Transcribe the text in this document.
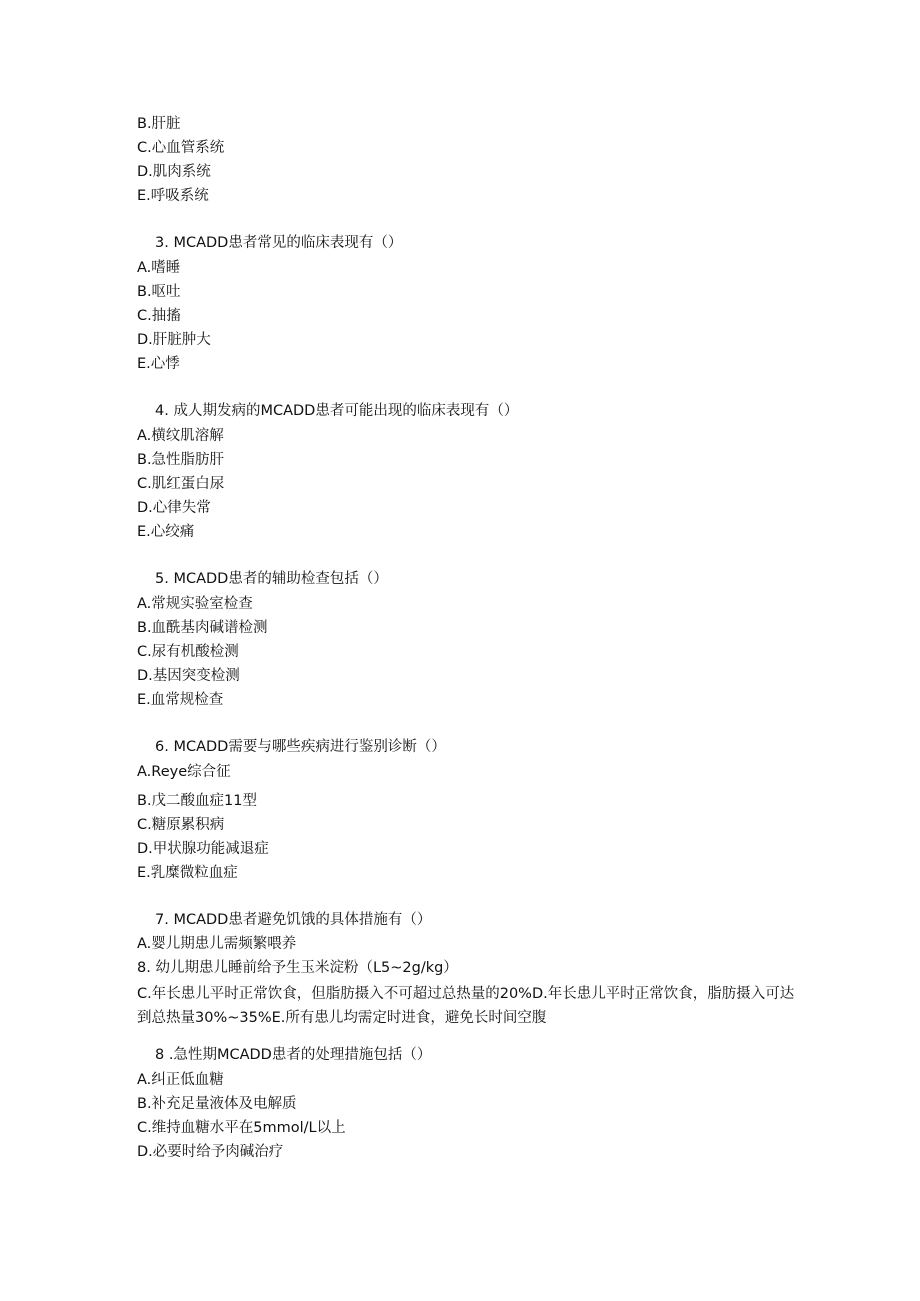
B.肝脏
C.心血管系统
D.肌肉系统
E.呼吸系统
3. MCADD患者常见的临床表现有（）
A.嗜睡
B.呕吐
C.抽搐
D.肝脏肿大
E.心悸
4. 成人期发病的MCADD患者可能出现的临床表现有（）
A.横纹肌溶解
B.急性脂肪肝
C.肌红蛋白尿
D.心律失常
E.心绞痛
5. MCADD患者的辅助检查包括（）
A.常规实验室检查
B.血酰基肉碱谱检测
C.尿有机酸检测
D.基因突变检测
E.血常规检查
6. MCADD需要与哪些疾病进行鉴别诊断（）
A.Reye综合征
B.戊二酸血症11型
C.糖原累积病
D.甲状腺功能减退症
E.乳糜微粒血症
7. MCADD患者避免饥饿的具体措施有（）
A.婴儿期患儿需频繁喂养
8. 幼儿期患儿睡前给予生玉米淀粉（L5~2g∕kg）
C.年长患儿平时正常饮食，但脂肪摄入不可超过总热量的20%D.年长患儿平时正常饮食，脂肪摄入可达到总热量30%~35%E.所有患儿均需定时进食，避免长时间空腹
8 .急性期MCADD患者的处理措施包括（）
A.纠正低血糖
B.补充足量液体及电解质
C.维持血糖水平在5mmol∕L以上
D.必要时给予肉碱治疗
